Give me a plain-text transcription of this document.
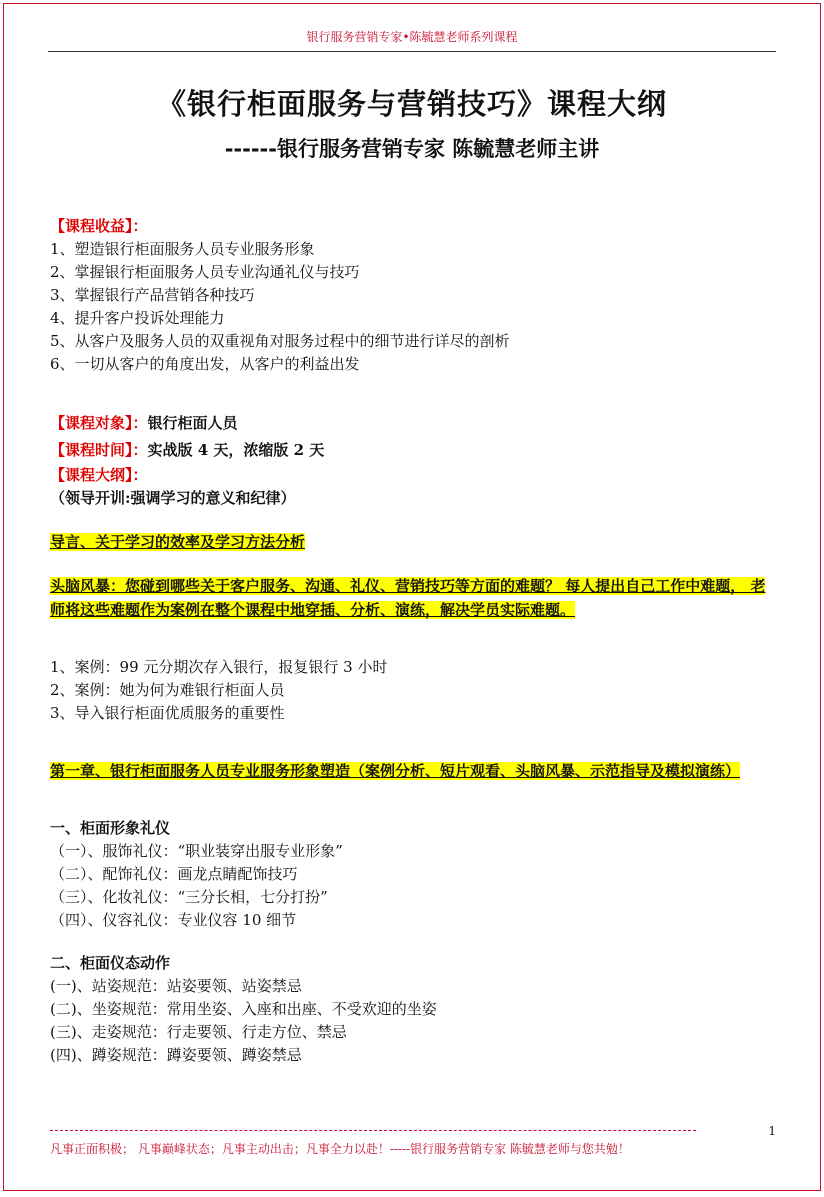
银行服务营销专家•陈毓慧老师系列课程
《银行柜面服务与营销技巧》课程大纲
------银行服务营销专家 陈毓慧老师主讲
【课程收益】：
1、塑造银行柜面服务人员专业服务形象
2、掌握银行柜面服务人员专业沟通礼仪与技巧
3、掌握银行产品营销各种技巧
4、提升客户投诉处理能力
5、从客户及服务人员的双重视角对服务过程中的细节进行详尽的剖析
6、一切从客户的角度出发，从客户的利益出发
【课程对象】：银行柜面人员
【课程时间】：实战版 4 天，浓缩版 2 天
【课程大纲】：
（领导开训:强调学习的意义和纪律）
导言、关于学习的效率及学习方法分析
头脑风暴：您碰到哪些关于客户服务、沟通、礼仪、营销技巧等方面的难题？ 每人提出自己工作中难题， 老师将这些难题作为案例在整个课程中地穿插、分析、演练，解决学员实际难题。
1、案例：99 元分期次存入银行，报复银行 3 小时
2、案例：她为何为难银行柜面人员
3、导入银行柜面优质服务的重要性
第一章、银行柜面服务人员专业服务形象塑造（案例分析、短片观看、头脑风暴、示范指导及模拟演练）
一、柜面形象礼仪
（一）、服饰礼仪：“职业装穿出服专业形象”
（二）、配饰礼仪：画龙点睛配饰技巧
（三）、化妆礼仪：“三分长相，七分打扮”
（四）、仪容礼仪：专业仪容 10 细节
二、柜面仪态动作
(一)、站姿规范：站姿要领、站姿禁忌
(二)、坐姿规范：常用坐姿、入座和出座、不受欢迎的坐姿
(三)、走姿规范：行走要领、行走方位、禁忌
(四)、蹲姿规范：蹲姿要领、蹲姿禁忌
1
凡事正面积极； 凡事巅峰状态；凡事主动出击；凡事全力以赴！-----银行服务营销专家 陈毓慧老师与您共勉！
